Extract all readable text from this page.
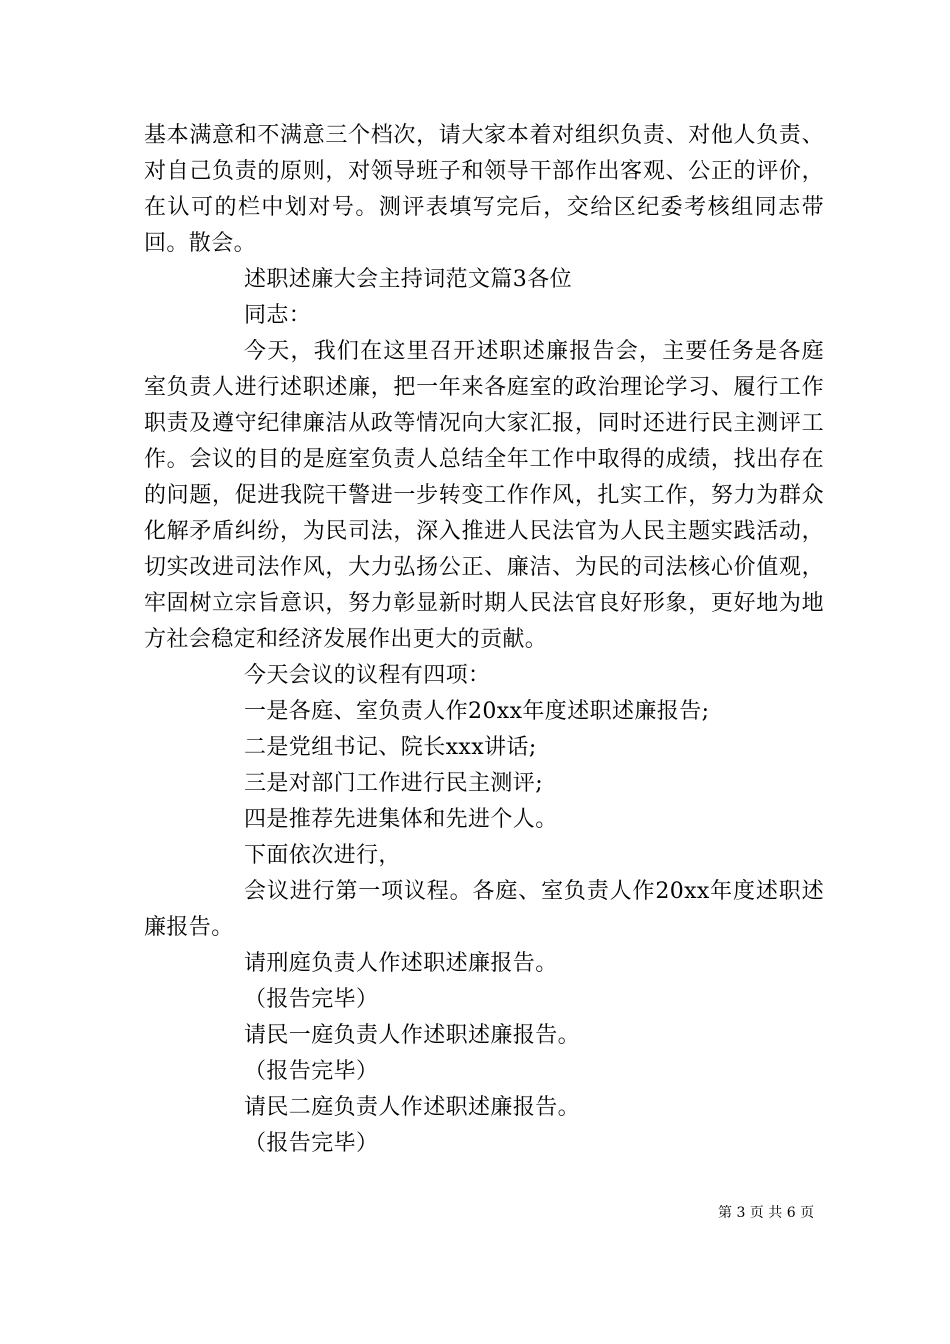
基本满意和不满意三个档次，请大家本着对组织负责、对他人负责、对自己负责的原则，对领导班子和领导干部作出客观、公正的评价，在认可的栏中划对号。测评表填写完后，交给区纪委考核组同志带回。散会。

述职述廉大会主持词范文篇3各位

同志：

今天，我们在这里召开述职述廉报告会，主要任务是各庭室负责人进行述职述廉，把一年来各庭室的政治理论学习、履行工作职责及遵守纪律廉洁从政等情况向大家汇报，同时还进行民主测评工作。会议的目的是庭室负责人总结全年工作中取得的成绩，找出存在的问题，促进我院干警进一步转变工作作风，扎实工作，努力为群众化解矛盾纠纷，为民司法，深入推进人民法官为人民主题实践活动，切实改进司法作风，大力弘扬公正、廉洁、为民的司法核心价值观，牢固树立宗旨意识，努力彰显新时期人民法官良好形象，更好地为地方社会稳定和经济发展作出更大的贡献。

今天会议的议程有四项：

一是各庭、室负责人作20xx年度述职述廉报告;

二是党组书记、院长xxx讲话;

三是对部门工作进行民主测评;

四是推荐先进集体和先进个人。

下面依次进行，

会议进行第一项议程。各庭、室负责人作20xx年度述职述廉报告。

请刑庭负责人作述职述廉报告。

（报告完毕）

请民一庭负责人作述职述廉报告。

（报告完毕）

请民二庭负责人作述职述廉报告。

（报告完毕）

第 3 页 共 6 页
